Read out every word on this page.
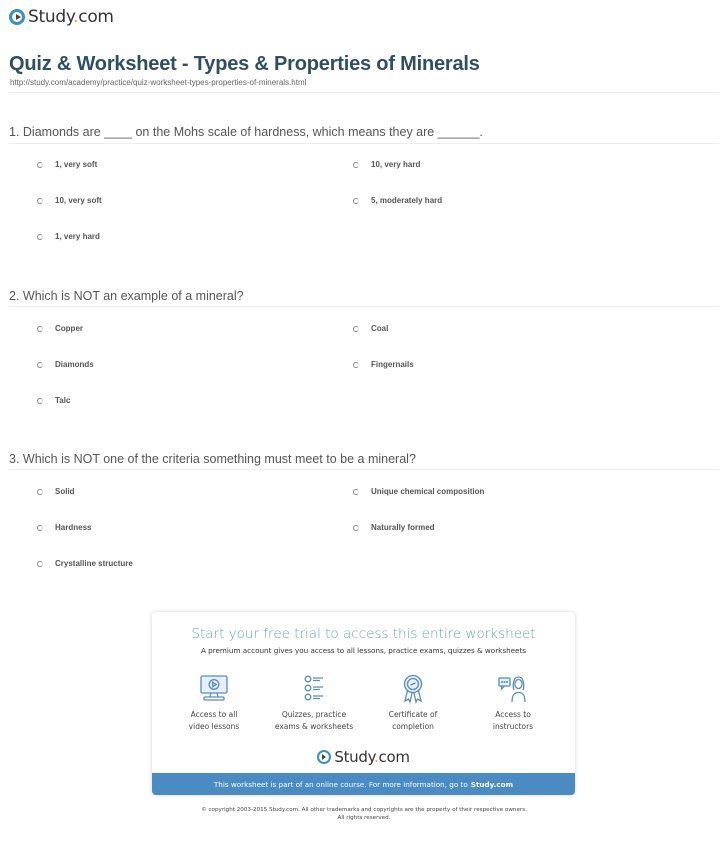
Study.com
Quiz & Worksheet - Types & Properties of Minerals
http://study.com/academy/practice/quiz-worksheet-types-properties-of-minerals.html
1. Diamonds are ____ on the Mohs scale of hardness, which means they are ______.
1, very soft	10, very hard
10, very soft	5, moderately hard
1, very hard
2. Which is NOT an example of a mineral?
Copper	Coal
Diamonds	Fingernails
Talc
3. Which is NOT one of the criteria something must meet to be a mineral?
Solid	Unique chemical composition
Hardness	Naturally formed
Crystalline structure
Start your free trial to access this entire worksheet
A premium account gives you access to all lessons, practice exams, quizzes & worksheets
Access to all
video lessons
Quizzes, practice
exams & worksheets
Certificate of
completion
Access to
instructors
Study.com
This worksheet is part of an online course. For more information, go to Study.com
© copyright 2003-2015 Study.com. All other trademarks and copyrights are the property of their respective owners.
All rights reserved.
